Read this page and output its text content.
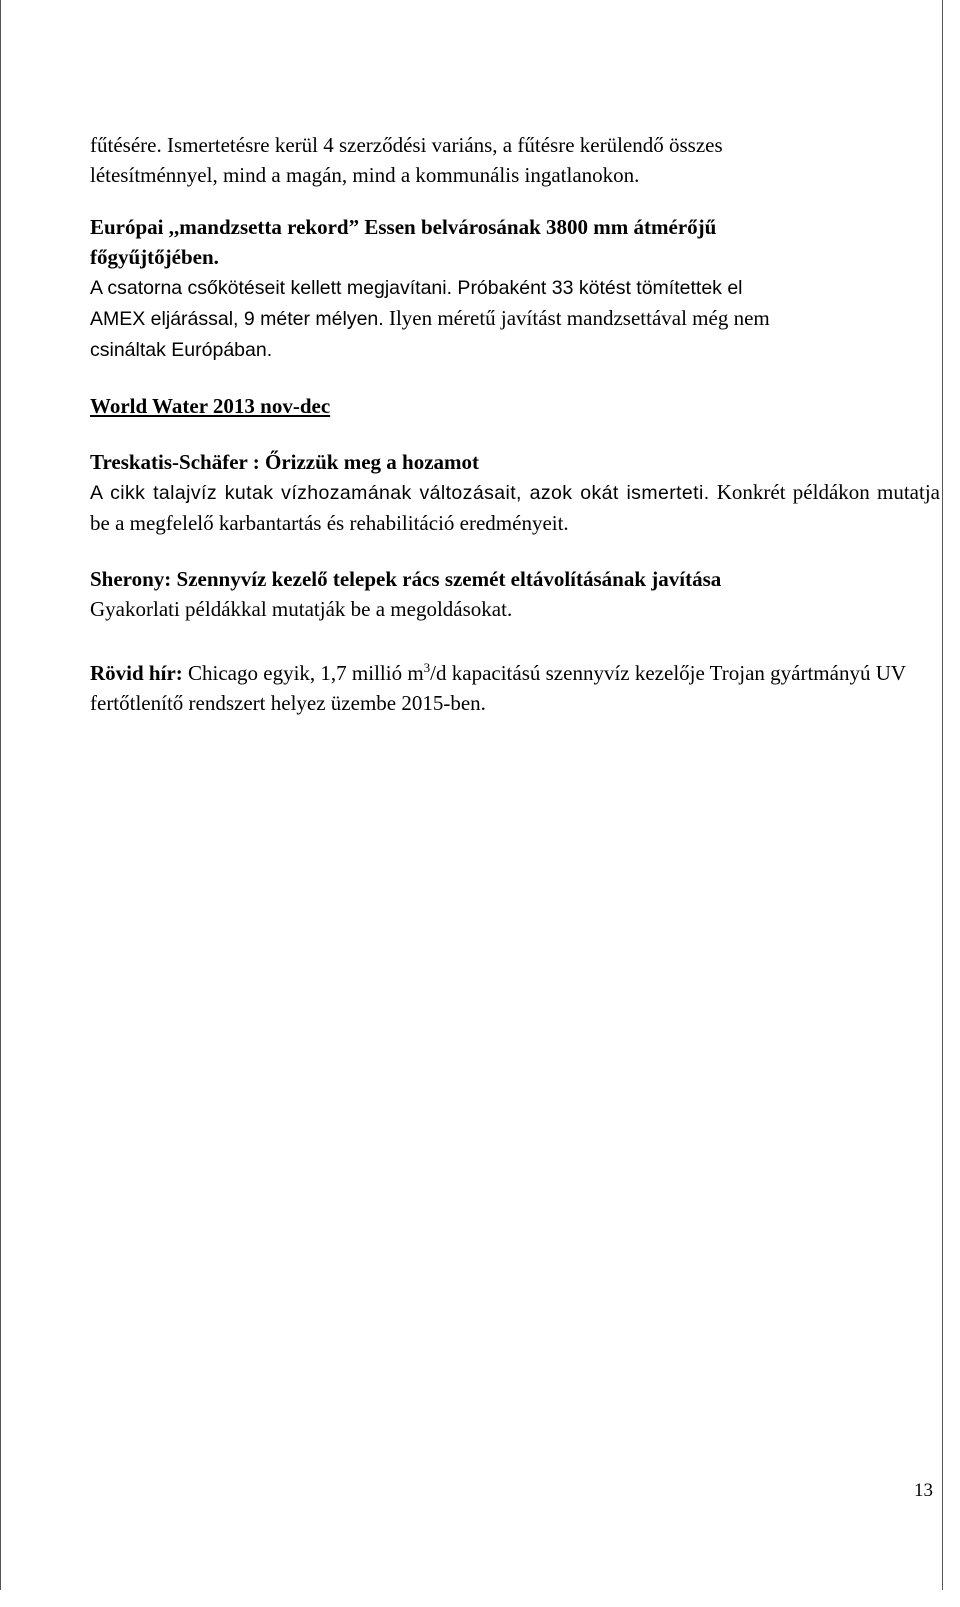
fűtésére. Ismertetésre kerül 4 szerződési variáns, a fűtésre kerülendő összes
létesítménnyel, mind a magán, mind a kommunális ingatlanokon.

Európai ,,mandzsetta rekord” Essen belvárosának 3800 mm átmérőjű
főgyűjtőjében.

A csatorna csőkötéseit kellett megjavítani. Próbaként 33 kötést tömítettek el
AMEX eljárással, 9 méter mélyen. Ilyen méretű javítást mandzsettával még nem
csináltak Európában.

World Water 2013 nov-dec

Treskatis-Schäfer : Őrizzük meg a hozamot

A cikk talajvíz kutak vízhozamának változásait, azok okát ismerteti. Konkrét példákon mutatja be a megfelelő karbantartás és rehabilitáció eredményeit.

Sherony: Szennyvíz kezelő telepek rács szemét eltávolításának javítása

Gyakorlati példákkal mutatják be a megoldásokat.

Rövid hír: Chicago egyik, 1,7 millió $m^3/d$ kapacitású szennyvíz kezelője Trojan gyártmányú UV fertőtlenítő rendszert helyez üzembe 2015-ben.

13
